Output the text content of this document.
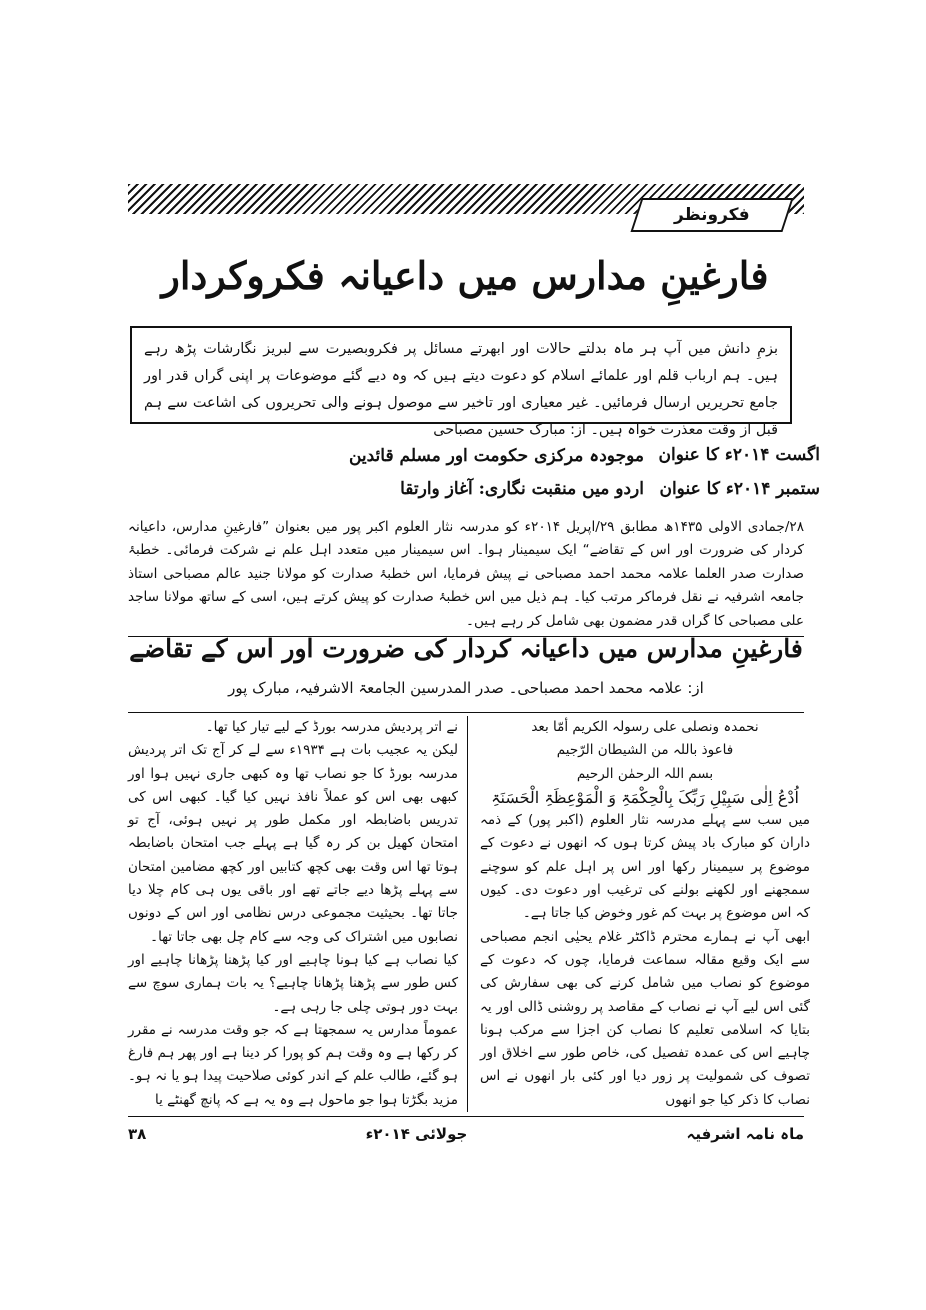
فکرونظر
فارغینِ مدارس میں داعیانہ فکروکردار
بزمِ دانش میں آپ ہر ماہ بدلتے حالات اور ابھرتے مسائل پر فکروبصیرت سے لبریز نگارشات پڑھ رہے ہیں۔ ہم ارباب قلم اور علمائے اسلام کو دعوت دیتے ہیں کہ وہ دیے گئے موضوعات پر اپنی گراں قدر اور جامع تحریریں ارسال فرمائیں۔ غیر معیاری اور تاخیر سے موصول ہونے والی تحریروں کی اشاعت سے ہم قبل از وقت معذرت خواہ ہیں۔ از: مبارک حسین مصباحی
اگست ۲۰۱۴ء کا عنوان
موجودہ مرکزی حکومت اور مسلم قائدین
ستمبر ۲۰۱۴ء کا عنوان
اردو میں منقبت نگاری: آغاز وارتقا
۲۸/جمادی الاولی ۱۴۳۵ھ مطابق ۲۹/اپریل ۲۰۱۴ء کو مدرسہ نثار العلوم اکبر پور میں بعنوان ”فارغینِ مدارس، داعیانہ کردار کی ضرورت اور اس کے تقاضے“ ایک سیمینار ہوا۔ اس سیمینار میں متعدد اہل علم نے شرکت فرمائی۔ خطبۂ صدارت صدر العلما علامہ محمد احمد مصباحی نے پیش فرمایا، اس خطبۂ صدارت کو مولانا جنید عالم مصباحی استاذ جامعہ اشرفیہ نے نقل فرماکر مرتب کیا۔ ہم ذیل میں اس خطبۂ صدارت کو پیش کرتے ہیں، اسی کے ساتھ مولانا ساجد علی مصباحی کا گراں قدر مضمون بھی شامل کر رہے ہیں۔
فارغینِ مدارس میں داعیانہ کردار کی ضرورت اور اس کے تقاضے
از: علامہ محمد احمد مصباحی۔ صدر المدرسین الجامعۃ الاشرفیہ، مبارک پور
نحمدہ ونصلی علی رسولہ الکریم أمّا بعد
فاعوذ باللہ من الشیطان الرّجیم
بسم اللہ الرحمٰن الرحیم
اُدْعُ اِلٰی سَبِیْلِ رَبِّکَ بِالْحِکْمَۃِ وَ الْمَوْعِظَۃِ الْحَسَنَۃِ
میں سب سے پہلے مدرسہ نثار العلوم (اکبر پور) کے ذمہ داران کو مبارک باد پیش کرتا ہوں کہ انھوں نے دعوت کے موضوع پر سیمینار رکھا اور اس پر اہل علم کو سوچنے سمجھنے اور لکھنے بولنے کی ترغیب اور دعوت دی۔ کیوں کہ اس موضوع پر بہت کم غور وخوض کیا جاتا ہے۔
ابھی آپ نے ہمارے محترم ڈاکٹر غلام یحیٰی انجم مصباحی سے ایک وقیع مقالہ سماعت فرمایا، چوں کہ دعوت کے موضوع کو نصاب میں شامل کرنے کی بھی سفارش کی گئی اس لیے آپ نے نصاب کے مقاصد پر روشنی ڈالی اور یہ بتایا کہ اسلامی تعلیم کا نصاب کن اجزا سے مرکب ہونا چاہیے اس کی عمدہ تفصیل کی، خاص طور سے اخلاق اور تصوف کی شمولیت پر زور دیا اور کئی بار انھوں نے اس نصاب کا ذکر کیا جو انھوں
نے اتر پردیش مدرسہ بورڈ کے لیے تیار کیا تھا۔
لیکن یہ عجیب بات ہے ۱۹۳۴ء سے لے کر آج تک اتر پردیش مدرسہ بورڈ کا جو نصاب تھا وہ کبھی جاری نہیں ہوا اور کبھی بھی اس کو عملاً نافذ نہیں کیا گیا۔ کبھی اس کی تدریس باضابطہ اور مکمل طور پر نہیں ہوئی، آج تو امتحان کھیل بن کر رہ گیا ہے پہلے جب امتحان باضابطہ ہوتا تھا اس وقت بھی کچھ کتابیں اور کچھ مضامین امتحان سے پہلے پڑھا دیے جاتے تھے اور باقی یوں ہی کام چلا دیا جاتا تھا۔ بحیثیت مجموعی درس نظامی اور اس کے دونوں نصابوں میں اشتراک کی وجہ سے کام چل بھی جاتا تھا۔
کیا نصاب ہے کیا ہونا چاہیے اور کیا پڑھنا پڑھانا چاہیے اور کس طور سے پڑھنا پڑھانا چاہیے؟ یہ بات ہماری سوچ سے بہت دور ہوتی چلی جا رہی ہے۔
عموماً مدارس یہ سمجھتا ہے کہ جو وقت مدرسہ نے مقرر کر رکھا ہے وہ وقت ہم کو پورا کر دینا ہے اور پھر ہم فارغ ہو گئے، طالب علم کے اندر کوئی صلاحیت پیدا ہو یا نہ ہو۔ مزید بگڑتا ہوا جو ماحول ہے وہ یہ ہے کہ پانچ گھنٹے یا
ماہ نامہ اشرفیہ
جولائی ۲۰۱۴ء
۳۸
